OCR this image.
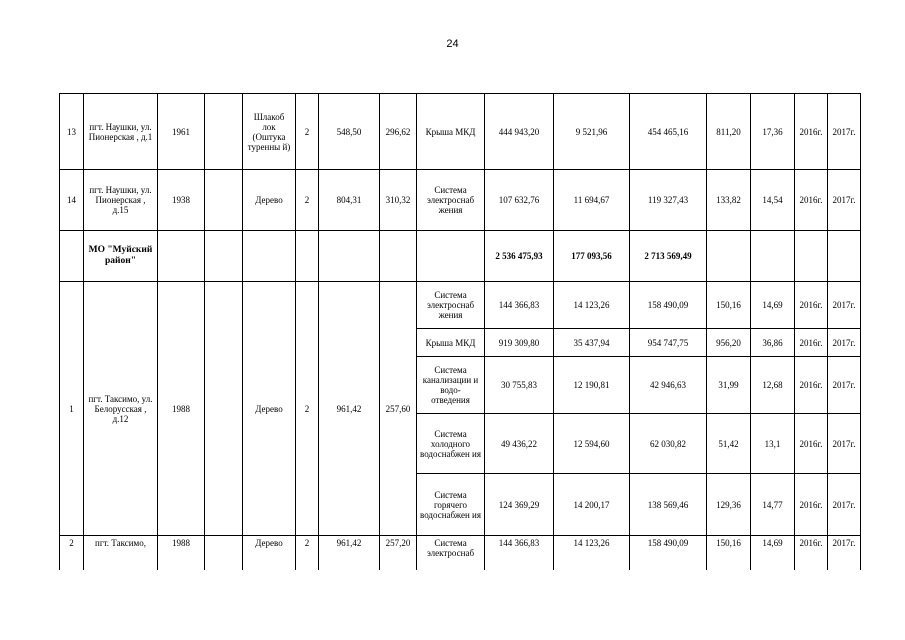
24
13	пгт. Наушки, ул. Пионерская , д.1	1961		Шлакоб лок (Оштука туренны й)	2	548,50	296,62	Крыша МКД	444 943,20	9 521,96	454 465,16	811,20	17,36	2016г.	2017г.
14	пгт. Наушки, ул. Пионерская , д.15	1938		Дерево	2	804,31	310,32	Система электроснаб жения	107 632,76	11 694,67	119 327,43	133,82	14,54	2016г.	2017г.
	МО "Муйский район"								2 536 475,93	177 093,56	2 713 569,49				
1	пгт. Таксимо, ул. Белорусская , д.12	1988		Дерево	2	961,42	257,60	Система электроснаб жения	144 366,83	14 123,26	158 490,09	150,16	14,69	2016г.	2017г.
								Крыша МКД	919 309,80	35 437,94	954 747,75	956,20	36,86	2016г.	2017г.
								Система канализации и водо- отведения	30 755,83	12 190,81	42 946,63	31,99	12,68	2016г.	2017г.
								Система холодного водоснабжен ия	49 436,22	12 594,60	62 030,82	51,42	13,1	2016г.	2017г.
								Система горячего водоснабжен ия	124 369,29	14 200,17	138 569,46	129,36	14,77	2016г.	2017г.
2	пгт. Таксимо,	1988		Дерево	2	961,42	257,20	Система электроснаб	144 366,83	14 123,26	158 490,09	150,16	14,69	2016г.	2017г.
